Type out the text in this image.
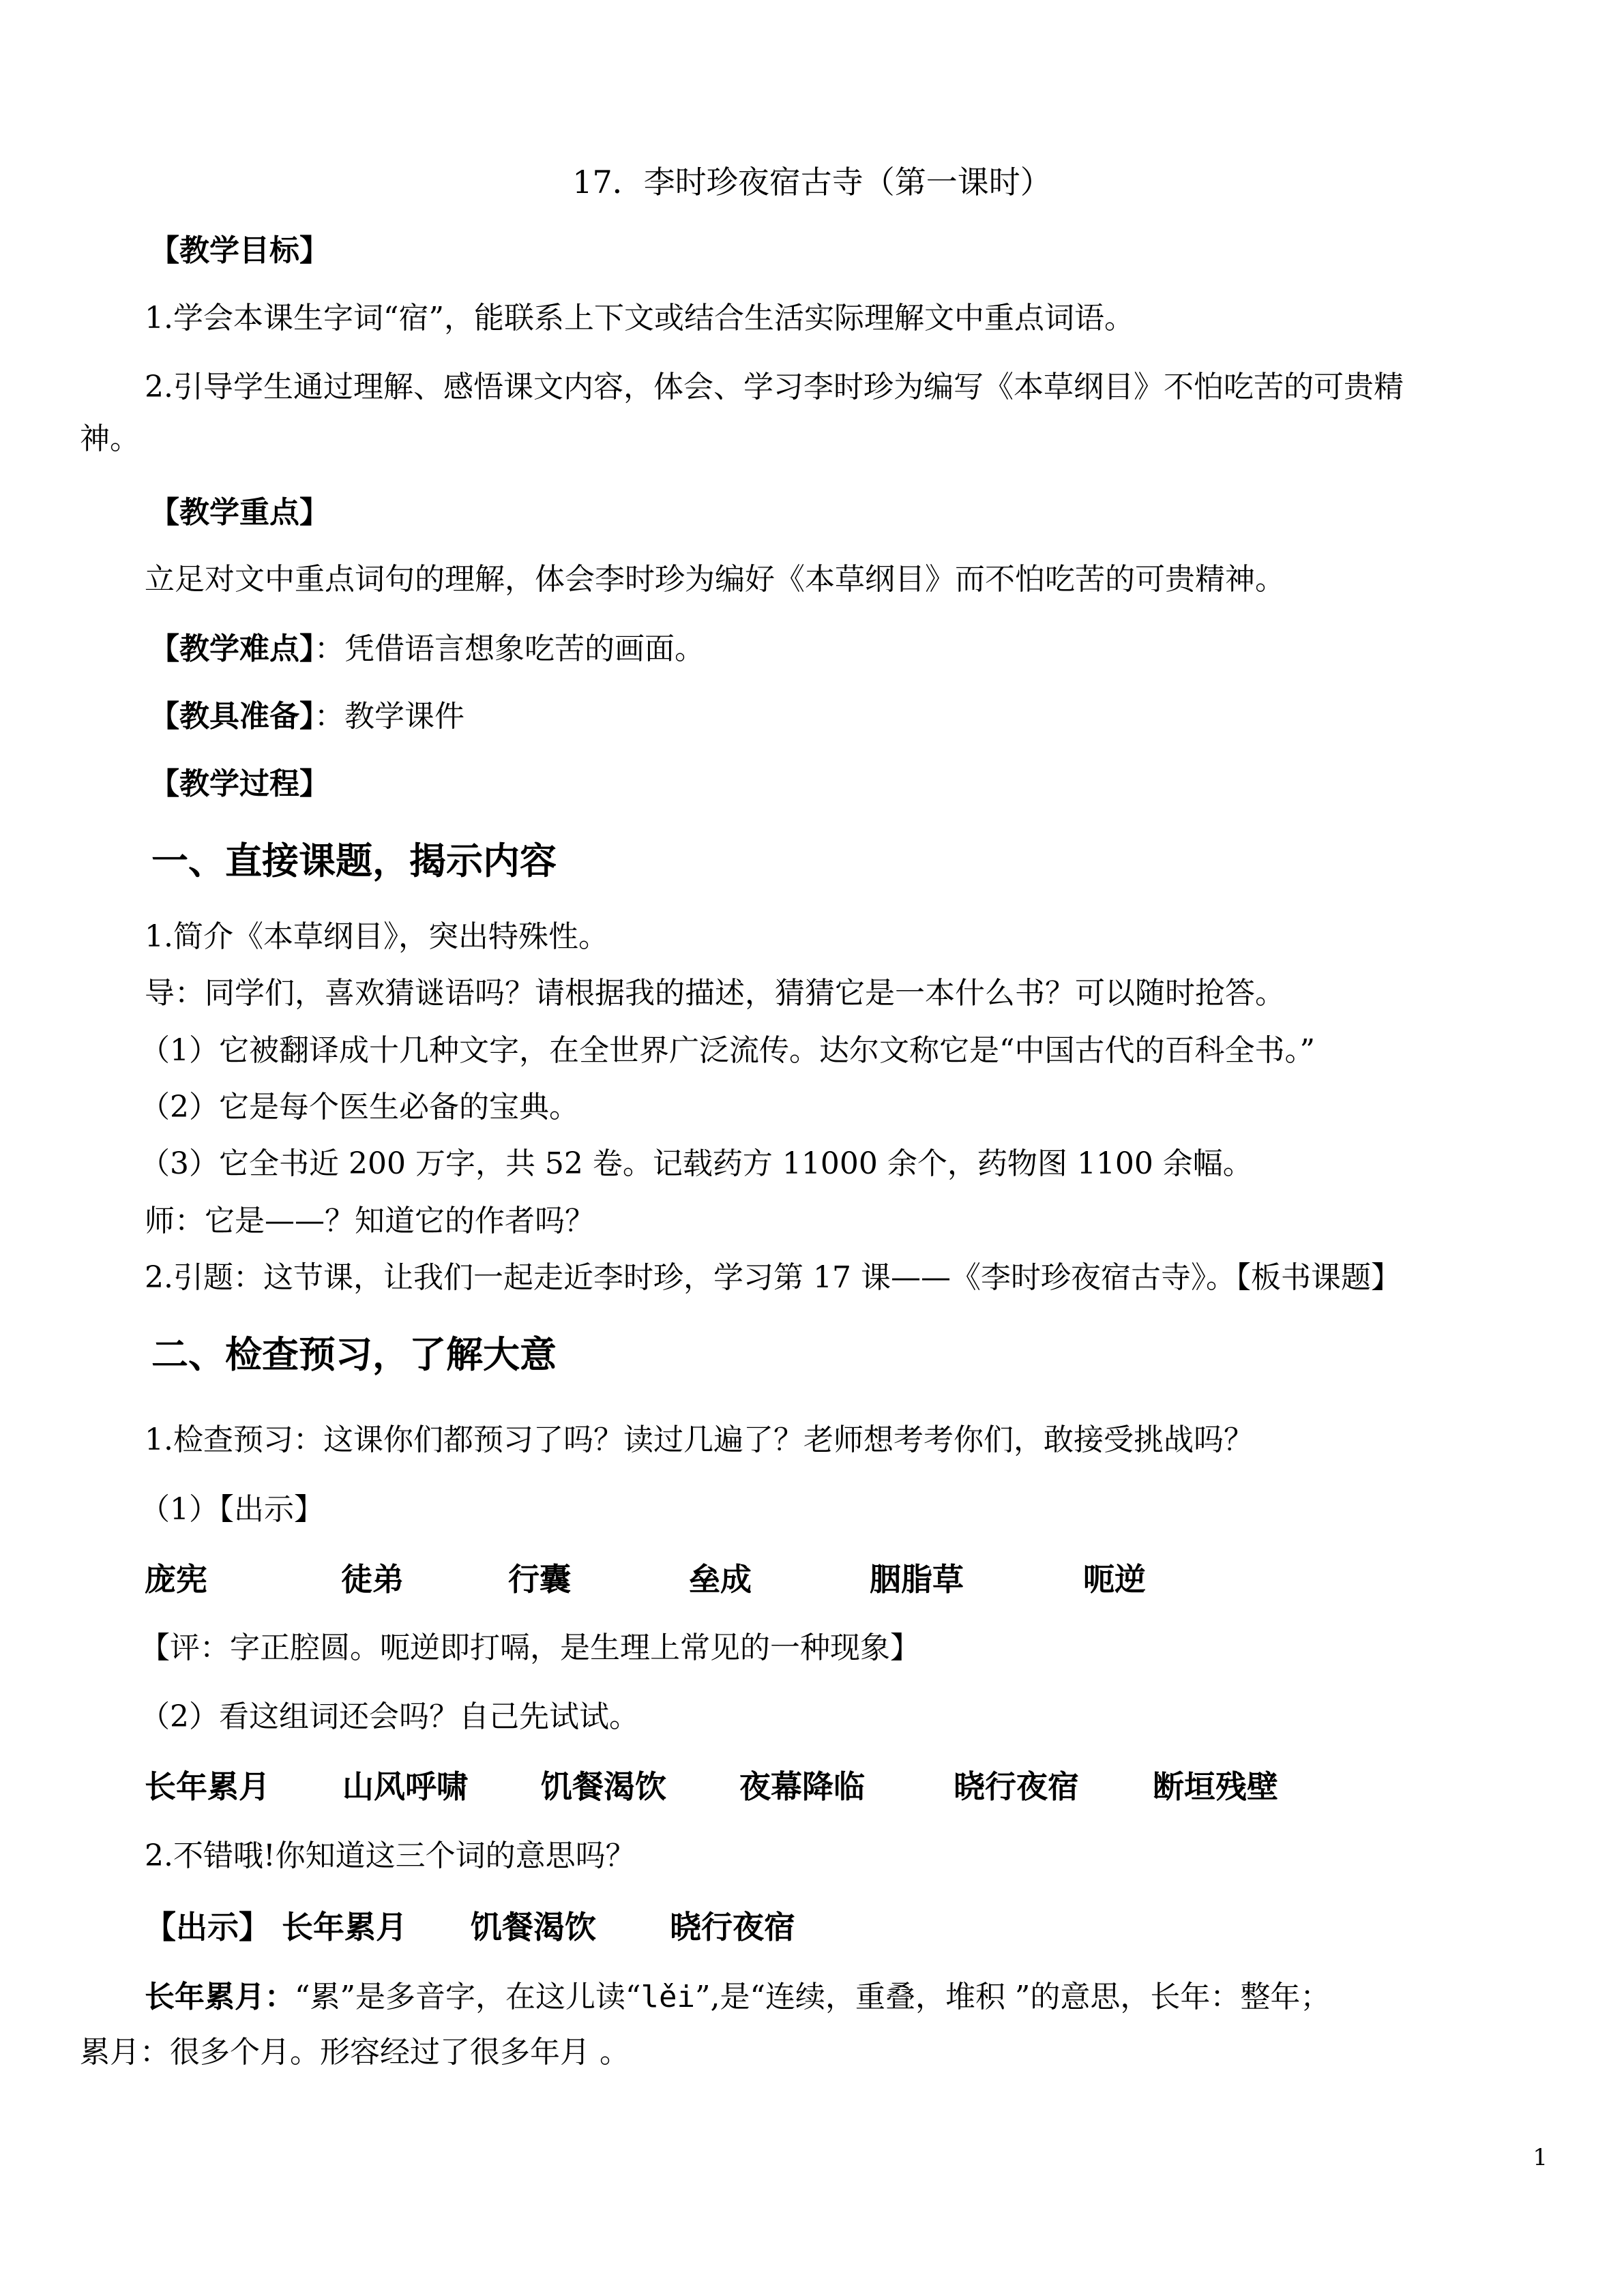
17．李时珍夜宿古寺（第一课时）
【教学目标】
1.学会本课生字词“宿”，能联系上下文或结合生活实际理解文中重点词语。
2.引导学生通过理解、感悟课文内容，体会、学习李时珍为编写《本草纲目》不怕吃苦的可贵精
神。
【教学重点】
立足对文中重点词句的理解，体会李时珍为编好《本草纲目》而不怕吃苦的可贵精神。
【教学难点】：凭借语言想象吃苦的画面。
【教具准备】：教学课件
【教学过程】
一、直接课题，揭示内容
1.简介《本草纲目》，突出特殊性。
导：同学们，喜欢猜谜语吗？请根据我的描述，猜猜它是一本什么书？可以随时抢答。
（1）它被翻译成十几种文字，在全世界广泛流传。达尔文称它是“中国古代的百科全书。”
（2）它是每个医生必备的宝典。
（3）它全书近 200 万字，共 52 卷。记载药方 11000 余个，药物图 1100 余幅。
师：它是——？知道它的作者吗？
2.引题：这节课，让我们一起走近李时珍，学习第 17 课——《李时珍夜宿古寺》。【板书课题】
二、检查预习，了解大意
1.检查预习：这课你们都预习了吗？读过几遍了？老师想考考你们，敢接受挑战吗？
（1）【出示】
庞宪	徒弟	行囊	垒成	胭脂草	呃逆
【评：字正腔圆。呃逆即打嗝，是生理上常见的一种现象】
（2）看这组词还会吗？自己先试试。
长年累月 山风呼啸 饥餐渴饮 夜幕降临	晓行夜宿 断垣残壁
2.不错哦!你知道这三个词的意思吗？
【出示】 长年累月 饥餐渴饮 晓行夜宿
长年累月：“累”是多音字，在这儿读“lěi”,是“连续，重叠，堆积 ”的意思，长年：整年；
累月：很多个月。形容经过了很多年月 。
1
